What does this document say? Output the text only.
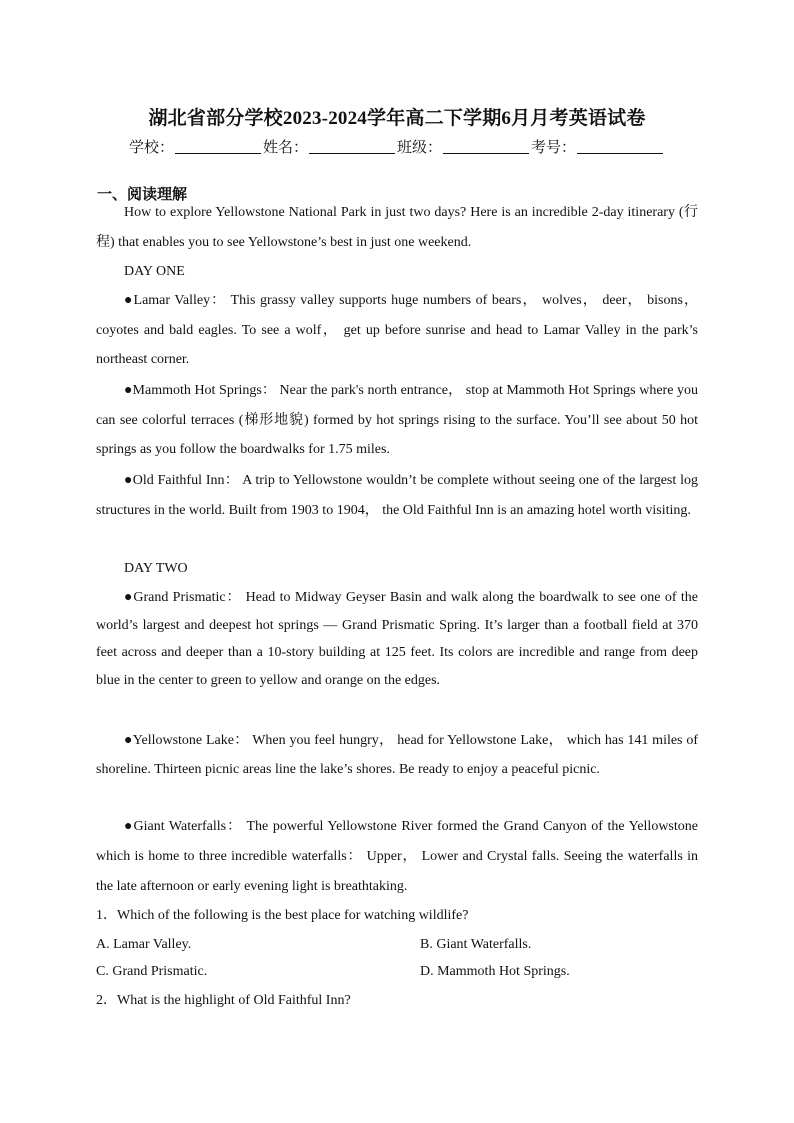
湖北省部分学校2023-2024学年高二下学期6月月考英语试卷
学校：	姓名：	班级：	考号：
一、阅读理解

How to explore Yellowstone National Park in just two days? Here is an incredible 2-day itinerary (行程) that enables you to see Yellowstone’s best in just one weekend.

DAY ONE

●Lamar Valley： This grassy valley supports huge numbers of bears， wolves， deer， bisons， coyotes and bald eagles. To see a wolf， get up before sunrise and head to Lamar Valley in the park’s northeast corner.

●Mammoth Hot Springs： Near the park's north entrance， stop at Mammoth Hot Springs where you can see colorful terraces (梯形地貌) formed by hot springs rising to the surface. You’ll see about 50 hot springs as you follow the boardwalks for 1.75 miles.

●Old Faithful Inn： A trip to Yellowstone wouldn’t be complete without seeing one of the largest log structures in the world. Built from 1903 to 1904， the Old Faithful Inn is an amazing hotel worth visiting.

DAY TWO

●Grand Prismatic： Head to Midway Geyser Basin and walk along the boardwalk to see one of the world’s largest and deepest hot springs — Grand Prismatic Spring. It’s larger than a football field at 370 feet across and deeper than a 10-story building at 125 feet. Its colors are incredible and range from deep blue in the center to green to yellow and orange on the edges.

●Yellowstone Lake： When you feel hungry， head for Yellowstone Lake， which has 141 miles of shoreline. Thirteen picnic areas line the lake’s shores. Be ready to enjoy a peaceful picnic.

●Giant Waterfalls： The powerful Yellowstone River formed the Grand Canyon of the Yellowstone which is home to three incredible waterfalls： Upper， Lower and Crystal falls. Seeing the waterfalls in the late afternoon or early evening light is breathtaking.

1．Which of the following is the best place for watching wildlife?
A. Lamar Valley.	B. Giant Waterfalls.
C. Grand Prismatic.	D. Mammoth Hot Springs.
2．What is the highlight of Old Faithful Inn?
